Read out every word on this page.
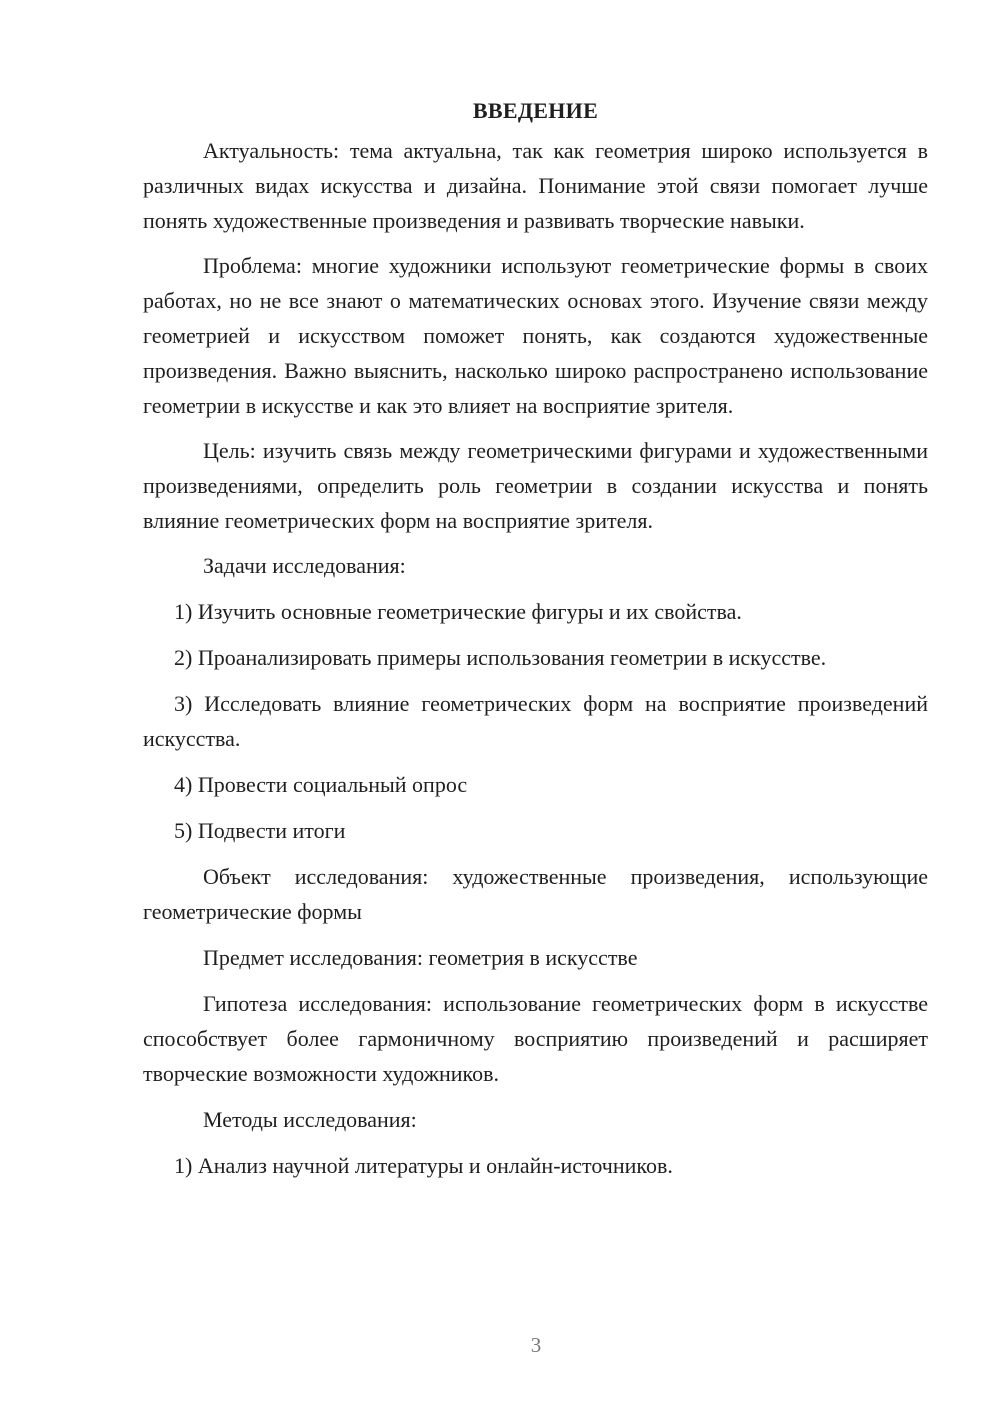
ВВЕДЕНИЕ

Актуальность: тема актуальна, так как геометрия широко используется в различных видах искусства и дизайна. Понимание этой связи помогает лучше понять художественные произведения и развивать творческие навыки.

Проблема: многие художники используют геометрические формы в своих работах, но не все знают о математических основах этого. Изучение связи между геометрией и искусством поможет понять, как создаются художественные произведения. Важно выяснить, насколько широко распространено использование геометрии в искусстве и как это влияет на восприятие зрителя.

Цель: изучить связь между геометрическими фигурами и художественными произведениями, определить роль геометрии в создании искусства и понять влияние геометрических форм на восприятие зрителя.

Задачи исследования:

1) Изучить основные геометрические фигуры и их свойства.

2) Проанализировать примеры использования геометрии в искусстве.

3) Исследовать влияние геометрических форм на восприятие произведений искусства.

4) Провести социальный опрос

5) Подвести итоги

Объект исследования: художественные произведения, использующие геометрические формы

Предмет исследования: геометрия в искусстве

Гипотеза исследования: использование геометрических форм в искусстве способствует более гармоничному восприятию произведений и расширяет творческие возможности художников.

Методы исследования:

1) Анализ научной литературы и онлайн-источников.

3
